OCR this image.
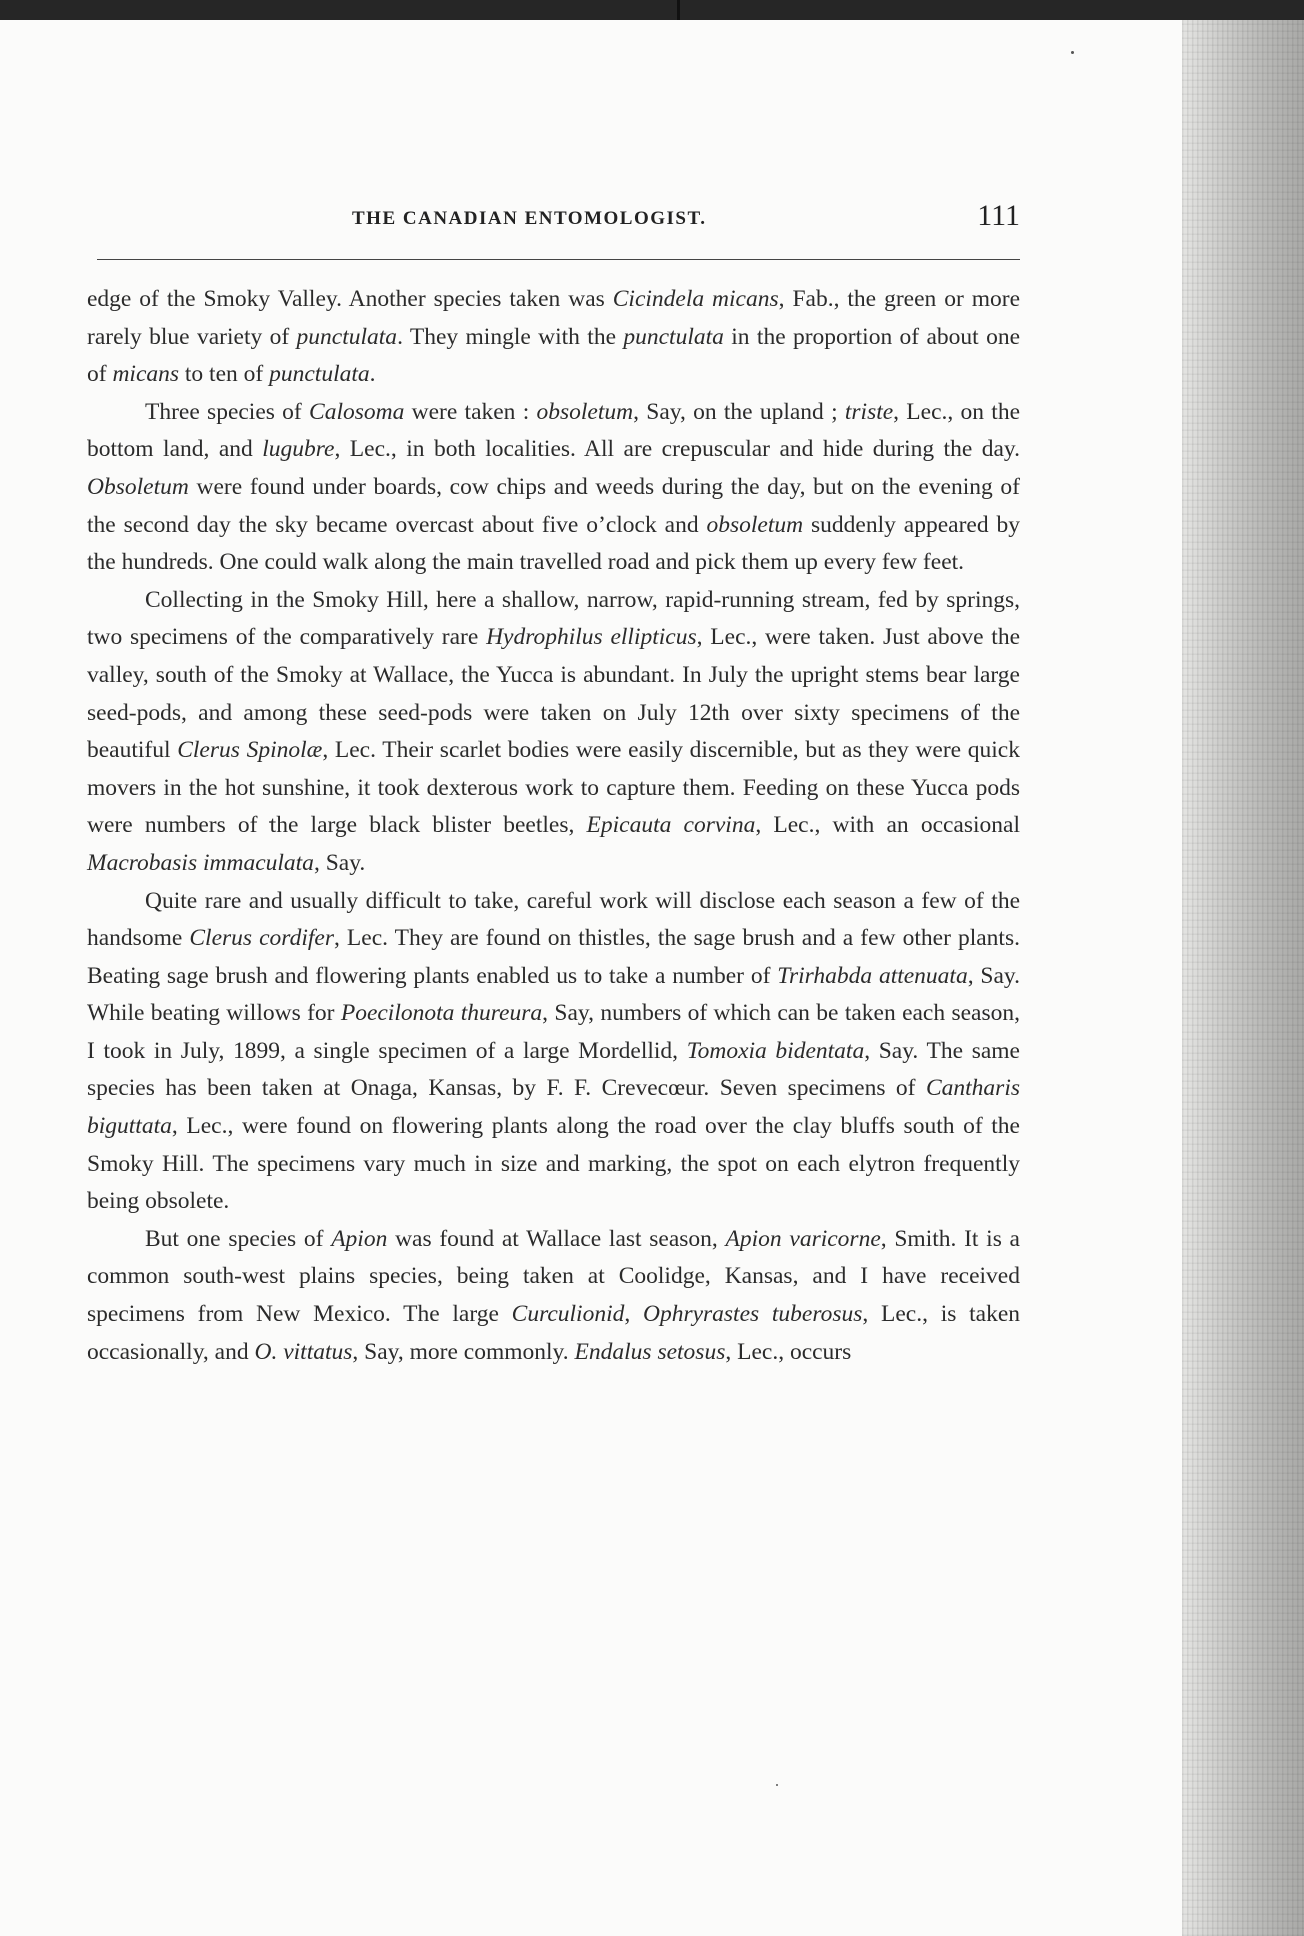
THE CANADIAN ENTOMOLOGIST.	111

edge of the Smoky Valley. Another species taken was Cicindela micans, Fab., the green or more rarely blue variety of punctulata. They mingle with the punctulata in the proportion of about one of micans to ten of punctulata.

Three species of Calosoma were taken : obsoletum, Say, on the upland ; triste, Lec., on the bottom land, and lugubre, Lec., in both localities. All are crepuscular and hide during the day. Obsoletum were found under boards, cow chips and weeds during the day, but on the evening of the second day the sky became overcast about five o’clock and obsoletum suddenly appeared by the hundreds. One could walk along the main travelled road and pick them up every few feet.

Collecting in the Smoky Hill, here a shallow, narrow, rapid-running stream, fed by springs, two specimens of the comparatively rare Hydrophilus ellipticus, Lec., were taken. Just above the valley, south of the Smoky at Wallace, the Yucca is abundant. In July the upright stems bear large seed-pods, and among these seed-pods were taken on July 12th over sixty specimens of the beautiful Clerus Spinolæ, Lec. Their scarlet bodies were easily discernible, but as they were quick movers in the hot sunshine, it took dexterous work to capture them. Feeding on these Yucca pods were numbers of the large black blister beetles, Epicauta corvina, Lec., with an occasional Macrobasis immaculata, Say.

Quite rare and usually difficult to take, careful work will disclose each season a few of the handsome Clerus cordifer, Lec. They are found on thistles, the sage brush and a few other plants. Beating sage brush and flowering plants enabled us to take a number of Trirhabda attenuata, Say. While beating willows for Poecilonota thureura, Say, numbers of which can be taken each season, I took in July, 1899, a single specimen of a large Mordellid, Tomoxia bidentata, Say. The same species has been taken at Onaga, Kansas, by F. F. Crevecœur. Seven specimens of Cantharis biguttata, Lec., were found on flowering plants along the road over the clay bluffs south of the Smoky Hill. The specimens vary much in size and marking, the spot on each elytron frequently being obsolete.

But one species of Apion was found at Wallace last season, Apion varicorne, Smith. It is a common south-west plains species, being taken at Coolidge, Kansas, and I have received specimens from New Mexico. The large Curculionid, Ophryrastes tuberosus, Lec., is taken occasionally, and O. vittatus, Say, more commonly. Endalus setosus, Lec., occurs
